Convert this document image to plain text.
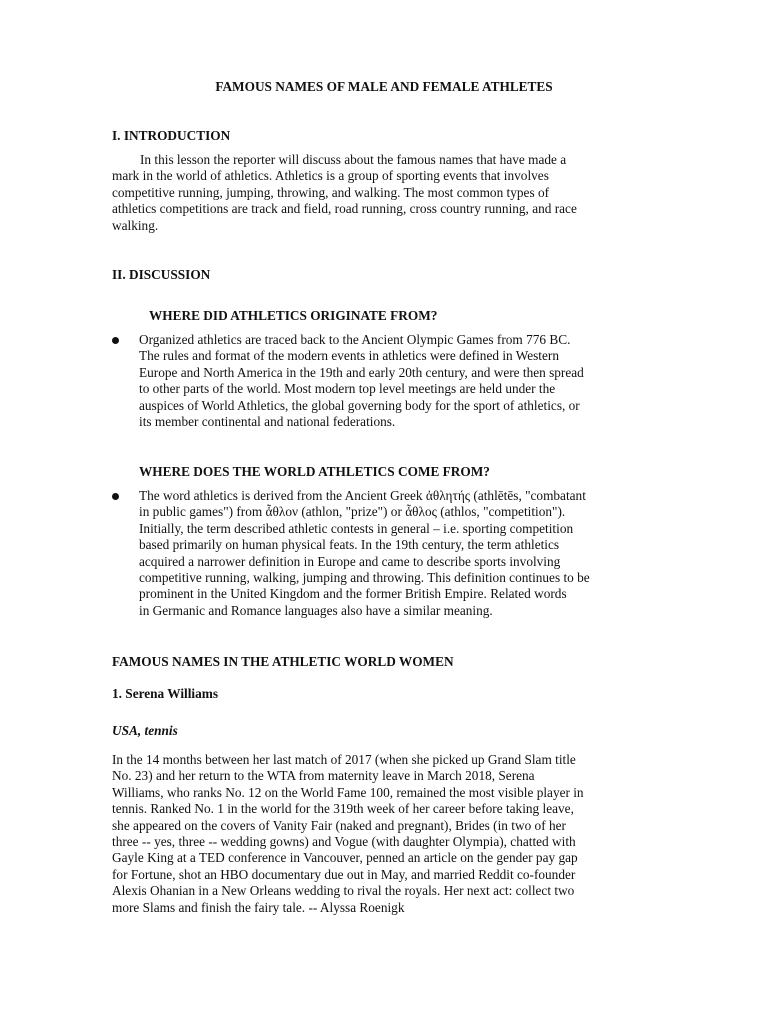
FAMOUS NAMES OF MALE AND FEMALE ATHLETES
I. INTRODUCTION
In this lesson the reporter will discuss about the famous names that have made a
mark in the world of athletics. Athletics is a group of sporting events that involves
competitive running, jumping, throwing, and walking. The most common types of
athletics competitions are track and field, road running, cross country running, and race
walking.
II. DISCUSSION
WHERE DID ATHLETICS ORIGINATE FROM?
Organized athletics are traced back to the Ancient Olympic Games from 776 BC.
The rules and format of the modern events in athletics were defined in Western
Europe and North America in the 19th and early 20th century, and were then spread
to other parts of the world. Most modern top level meetings are held under the
auspices of World Athletics, the global governing body for the sport of athletics, or
its member continental and national federations.
WHERE DOES THE WORLD ATHLETICS COME FROM?
The word athletics is derived from the Ancient Greek ἀθλητής (athlētēs, "combatant
in public games") from ἆθλον (athlon, "prize") or ἆθλος (athlos, "competition").
Initially, the term described athletic contests in general – i.e. sporting competition
based primarily on human physical feats. In the 19th century, the term athletics
acquired a narrower definition in Europe and came to describe sports involving
competitive running, walking, jumping and throwing. This definition continues to be
prominent in the United Kingdom and the former British Empire. Related words
in Germanic and Romance languages also have a similar meaning.
FAMOUS NAMES IN THE ATHLETIC WORLD WOMEN
1. Serena Williams
USA, tennis
In the 14 months between her last match of 2017 (when she picked up Grand Slam title
No. 23) and her return to the WTA from maternity leave in March 2018, Serena
Williams, who ranks No. 12 on the World Fame 100, remained the most visible player in
tennis. Ranked No. 1 in the world for the 319th week of her career before taking leave,
she appeared on the covers of Vanity Fair (naked and pregnant), Brides (in two of her
three -- yes, three -- wedding gowns) and Vogue (with daughter Olympia), chatted with
Gayle King at a TED conference in Vancouver, penned an article on the gender pay gap
for Fortune, shot an HBO documentary due out in May, and married Reddit co-founder
Alexis Ohanian in a New Orleans wedding to rival the royals. Her next act: collect two
more Slams and finish the fairy tale. -- Alyssa Roenigk
